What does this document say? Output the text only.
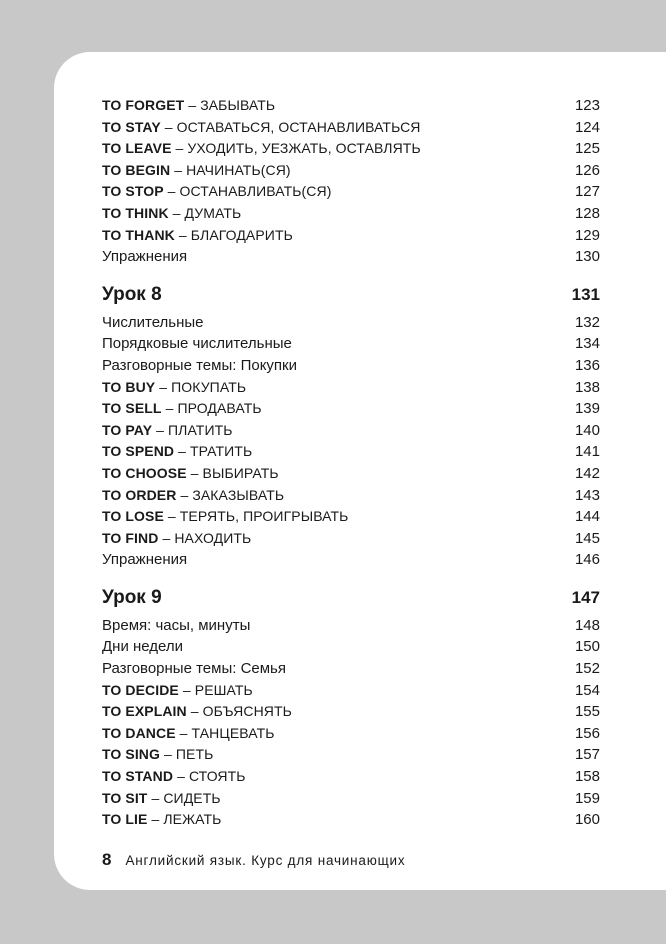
TO FORGET – ЗАБЫВАТЬ	123
TO STAY – ОСТАВАТЬСЯ, ОСТАНАВЛИВАТЬСЯ	124
TO LEAVE – УХОДИТЬ, УЕЗЖАТЬ, ОСТАВЛЯТЬ	125
TO BEGIN – НАЧИНАТЬ(СЯ)	126
TO STOP – ОСТАНАВЛИВАТЬ(СЯ)	127
TO THINK – ДУМАТЬ	128
TO THANK – БЛАГОДАРИТЬ	129
Упражнения	130
Урок 8	131
Числительные	132
Порядковые числительные	134
Разговорные темы: Покупки	136
TO BUY – ПОКУПАТЬ	138
TO SELL – ПРОДАВАТЬ	139
TO PAY – ПЛАТИТЬ	140
TO SPEND – ТРАТИТЬ	141
TO CHOOSE – ВЫБИРАТЬ	142
TO ORDER – ЗАКАЗЫВАТЬ	143
TO LOSE – ТЕРЯТЬ, ПРОИГРЫВАТЬ	144
TO FIND – НАХОДИТЬ	145
Упражнения	146
Урок 9	147
Время: часы, минуты	148
Дни недели	150
Разговорные темы: Семья	152
TO DECIDE – РЕШАТЬ	154
TO EXPLAIN – ОБЪЯСНЯТЬ	155
TO DANCE – ТАНЦЕВАТЬ	156
TO SING – ПЕТЬ	157
TO STAND – СТОЯТЬ	158
TO SIT – СИДЕТЬ	159
TO LIE – ЛЕЖАТЬ	160
8 Английский язык. Курс для начинающих
